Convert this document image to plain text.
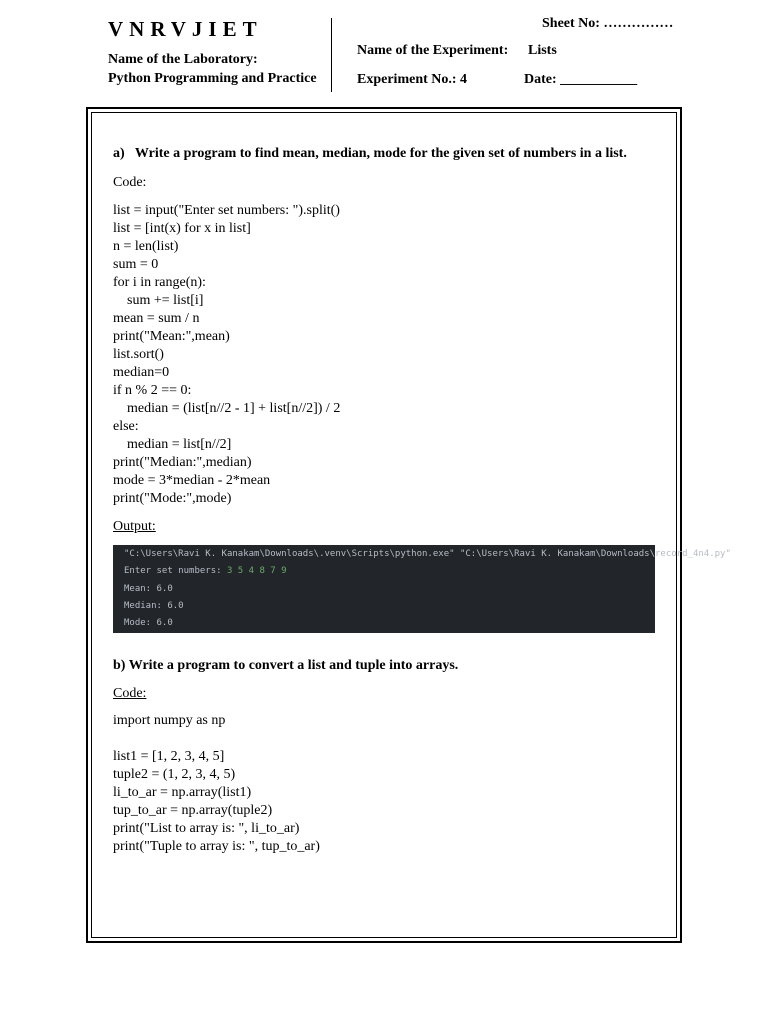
VNRVJIET
Name of the Laboratory:
Python Programming and Practice
Sheet No: ……………
Name of the Experiment: Lists
Experiment No.: 4	Date: ___________
a)   Write a program to find mean, median, mode for the given set of numbers in a list.
Code:
list = input("Enter set numbers: ").split()
list = [int(x) for x in list]
n = len(list)
sum = 0
for i in range(n):
sum += list[i]
mean = sum / n
print("Mean:",mean)
list.sort()
median=0
if n % 2 == 0:
median = (list[n//2 - 1] + list[n//2]) / 2
else:
median = list[n//2]
print("Median:",median)
mode = 3*median - 2*mean
print("Mode:",mode)
Output:
"C:\Users\Ravi K. Kanakam\Downloads\.venv\Scripts\python.exe" "C:\Users\Ravi K. Kanakam\Downloads\record_4n4.py"
Enter set numbers: 3 5 4 8 7 9
Mean: 6.0
Median: 6.0
Mode: 6.0
b) Write a program to convert a list and tuple into arrays.
Code:
import numpy as np
list1 = [1, 2, 3, 4, 5]
tuple2 = (1, 2, 3, 4, 5)
li_to_ar = np.array(list1)
tup_to_ar = np.array(tuple2)
print("List to array is: ", li_to_ar)
print("Tuple to array is: ", tup_to_ar)
